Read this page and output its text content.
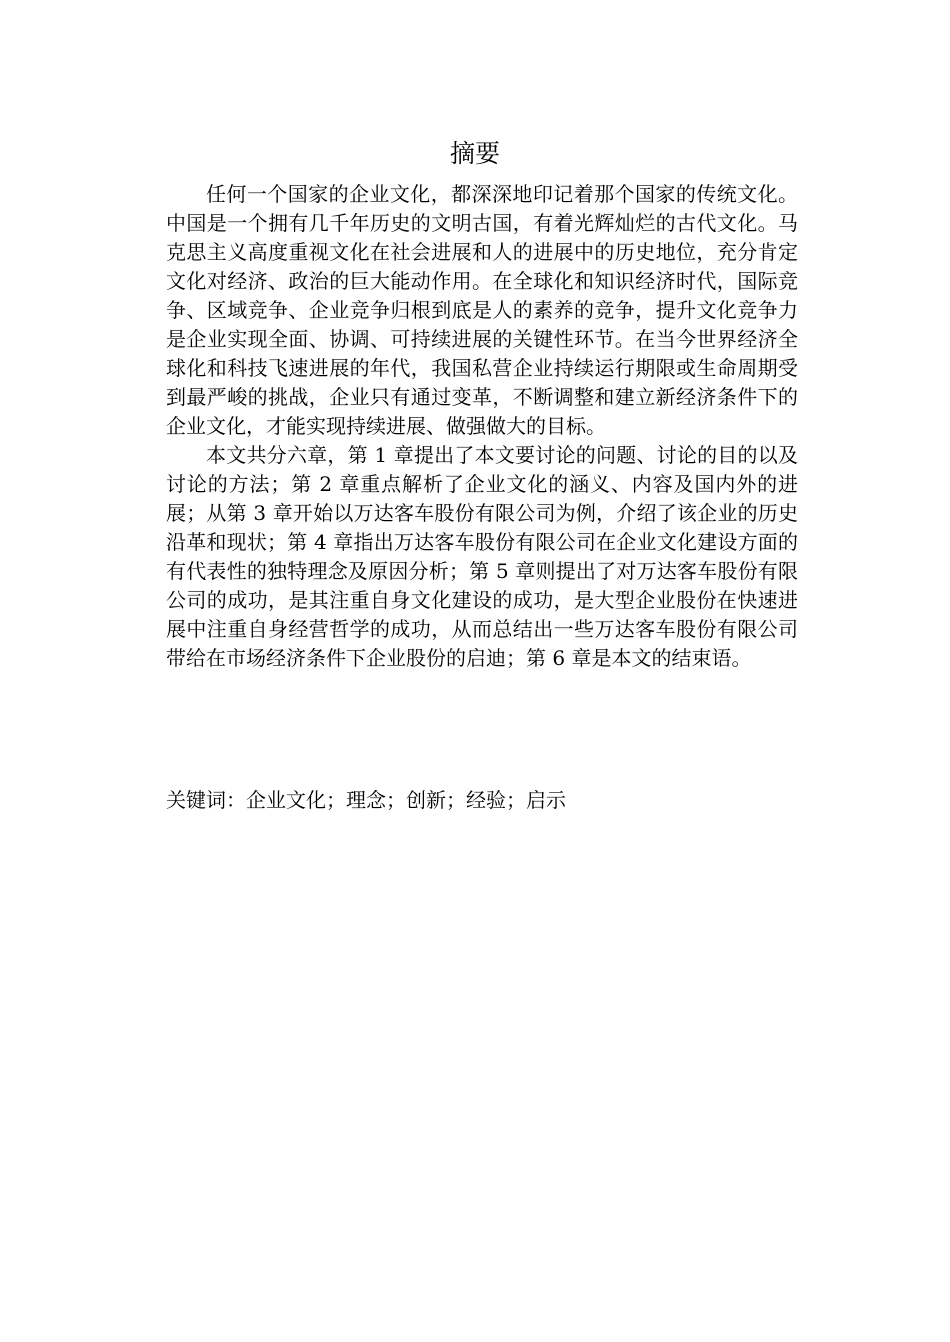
摘要

任何一个国家的企业文化，都深深地印记着那个国家的传统文化。中国是一个拥有几千年历史的文明古国，有着光辉灿烂的古代文化。马克思主义高度重视文化在社会进展和人的进展中的历史地位，充分肯定文化对经济、政治的巨大能动作用。在全球化和知识经济时代，国际竞争、区域竞争、企业竞争归根到底是人的素养的竞争，提升文化竞争力是企业实现全面、协调、可持续进展的关键性环节。在当今世界经济全球化和科技飞速进展的年代，我国私营企业持续运行期限或生命周期受到最严峻的挑战，企业只有通过变革，不断调整和建立新经济条件下的企业文化，才能实现持续进展、做强做大的目标。

本文共分六章，第 1 章提出了本文要讨论的问题、讨论的目的以及讨论的方法；第 2 章重点解析了企业文化的涵义、内容及国内外的进展；从第 3 章开始以万达客车股份有限公司为例，介绍了该企业的历史沿革和现状；第 4 章指出万达客车股份有限公司在企业文化建设方面的有代表性的独特理念及原因分析；第 5 章则提出了对万达客车股份有限公司的成功，是其注重自身文化建设的成功，是大型企业股份在快速进展中注重自身经营哲学的成功，从而总结出一些万达客车股份有限公司带给在市场经济条件下企业股份的启迪；第 6 章是本文的结束语。

关键词：企业文化；理念；创新；经验；启示
